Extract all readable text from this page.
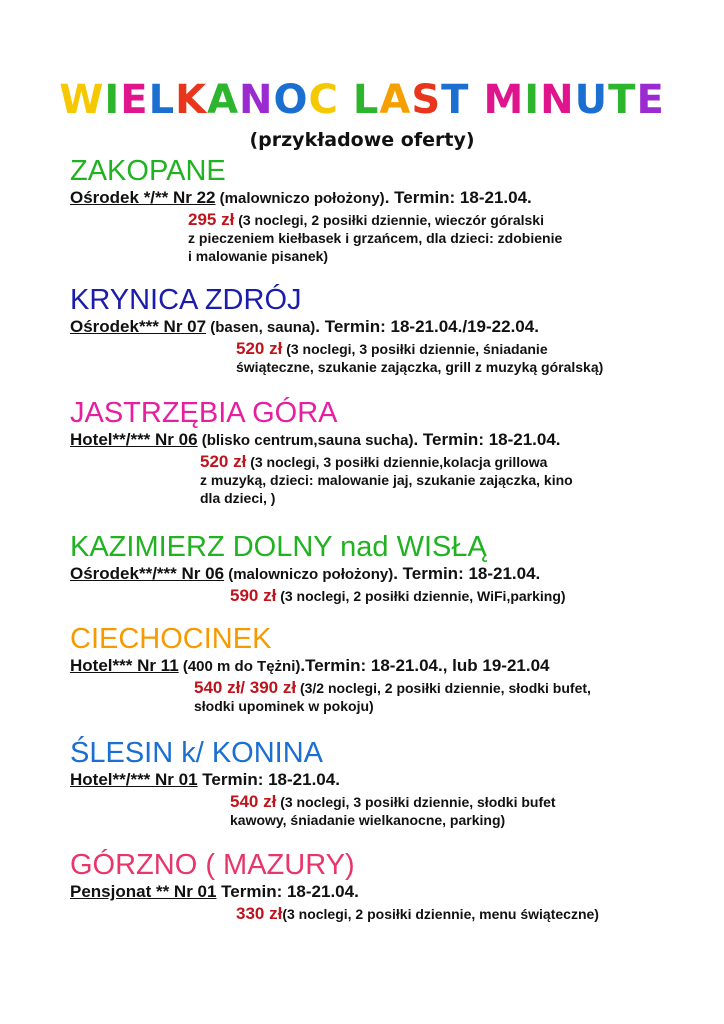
WIELKANOC LAST MINUTE
(przykładowe oferty)
ZAKOPANE
Ośrodek */** Nr 22 (malowniczo położony). Termin: 18-21.04.
295 zł (3 noclegi, 2 posiłki dziennie, wieczór góralski
z pieczeniem kiełbasek i grzańcem, dla dzieci: zdobienie
i malowanie pisanek)
KRYNICA ZDRÓJ
Ośrodek*** Nr 07 (basen, sauna). Termin: 18-21.04./19-22.04.
520 zł (3 noclegi, 3 posiłki dziennie, śniadanie
świąteczne, szukanie zajączka, grill z muzyką góralską)
JASTRZĘBIA GÓRA
Hotel**/*** Nr 06 (blisko centrum,sauna sucha). Termin: 18-21.04.
520 zł (3 noclegi, 3 posiłki dziennie,kolacja grillowa
z muzyką, dzieci: malowanie jaj, szukanie zajączka, kino
dla dzieci, )
KAZIMIERZ DOLNY nad WISŁĄ
Ośrodek**/*** Nr 06 (malowniczo położony). Termin: 18-21.04.
590 zł (3 noclegi, 2 posiłki dziennie, WiFi,parking)
CIECHOCINEK
Hotel*** Nr 11 (400 m do Tężni).Termin: 18-21.04., lub 19-21.04
540 zł/ 390 zł (3/2 noclegi, 2 posiłki dziennie, słodki bufet,
słodki upominek w pokoju)
ŚLESIN k/ KONINA
Hotel**/*** Nr 01 Termin: 18-21.04.
540 zł (3 noclegi, 3 posiłki dziennie, słodki bufet
kawowy, śniadanie wielkanocne, parking)
GÓRZNO ( MAZURY)
Pensjonat ** Nr 01 Termin: 18-21.04.
330 zł(3 noclegi, 2 posiłki dziennie, menu świąteczne)
